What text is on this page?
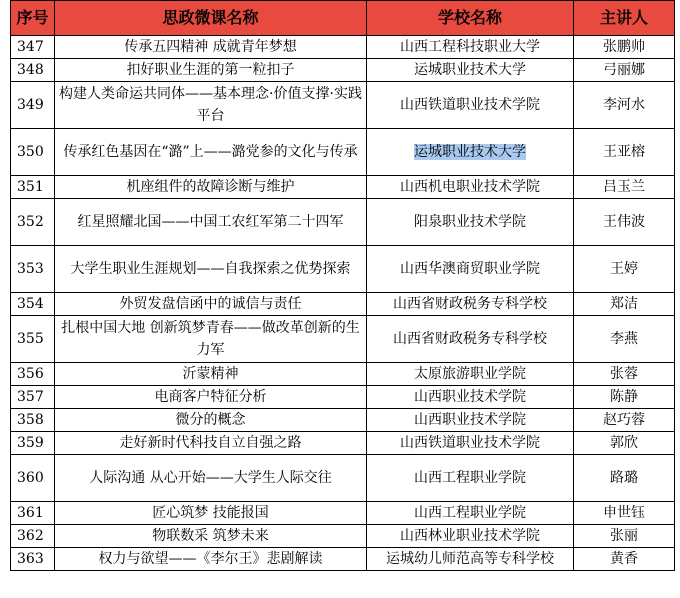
序号	思政微课名称	学校名称	主讲人
347	传承五四精神 成就青年梦想	山西工程科技职业大学	张鹏帅
348	扣好职业生涯的第一粒扣子	运城职业技术大学	弓丽娜
349	构建人类命运共同体——基本理念·价值支撑·实践平台	山西铁道职业技术学院	李河水
350	传承红色基因在“潞”上——潞党参的文化与传承	运城职业技术大学	王亚榕
351	机座组件的故障诊断与维护	山西机电职业技术学院	吕玉兰
352	红星照耀北国——中国工农红军第二十四军	阳泉职业技术学院	王伟波
353	大学生职业生涯规划——自我探索之优势探索	山西华澳商贸职业学院	王婷
354	外贸发盘信函中的诚信与责任	山西省财政税务专科学校	郑洁
355	扎根中国大地 创新筑梦青春——做改革创新的生力军	山西省财政税务专科学校	李燕
356	沂蒙精神	太原旅游职业学院	张蓉
357	电商客户特征分析	山西职业技术学院	陈静
358	微分的概念	山西职业技术学院	赵巧蓉
359	走好新时代科技自立自强之路	山西铁道职业技术学院	郭欣
360	人际沟通 从心开始——大学生人际交往	山西工程职业学院	路璐
361	匠心筑梦 技能报国	山西工程职业学院	申世钰
362	物联数采 筑梦未来	山西林业职业技术学院	张丽
363	权力与欲望——《李尔王》悲剧解读	运城幼儿师范高等专科学校	黄香
